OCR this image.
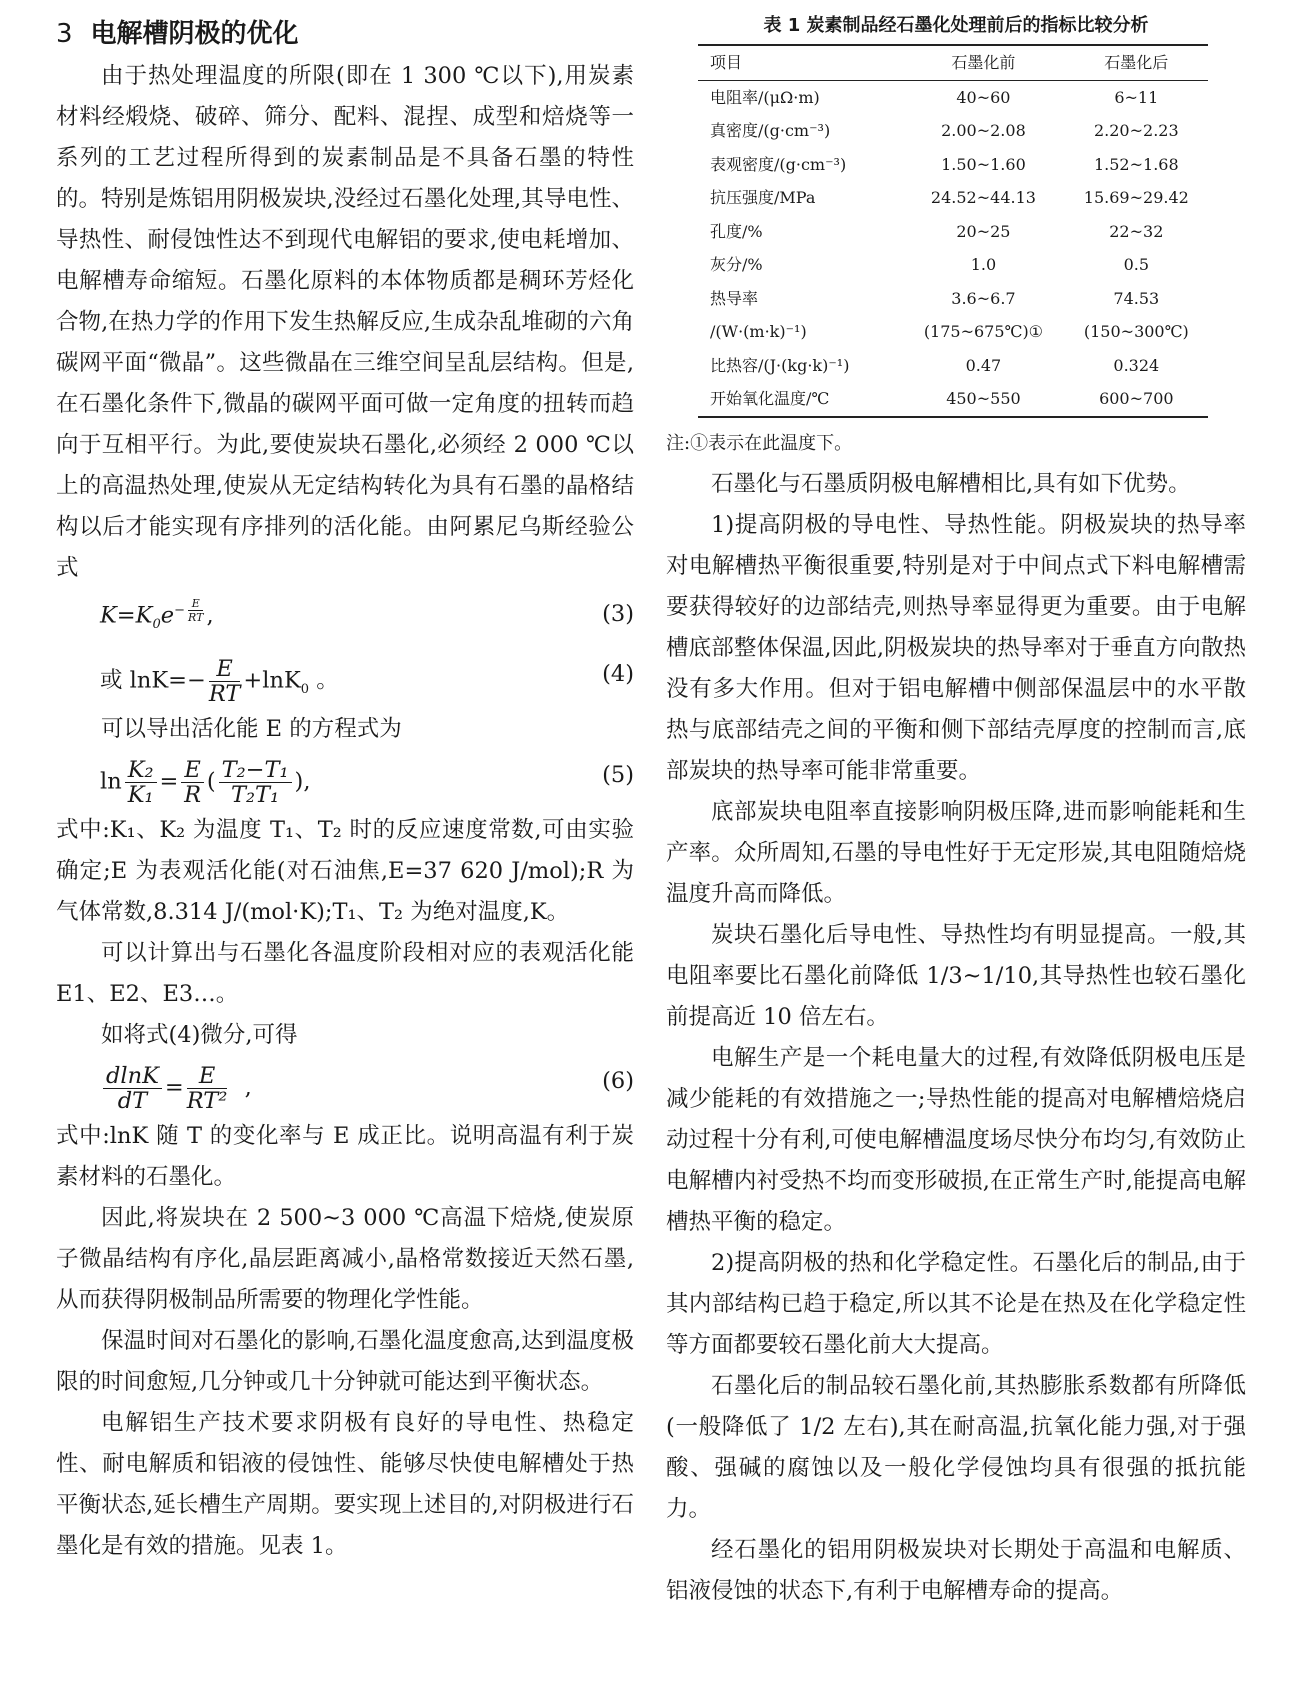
3 电解槽阴极的优化

由于热处理温度的所限(即在 1 300 ℃以下),用炭素材料经煅烧、破碎、筛分、配料、混捏、成型和焙烧等一系列的工艺过程所得到的炭素制品是不具备石墨的特性的。特别是炼铝用阴极炭块,没经过石墨化处理,其导电性、导热性、耐侵蚀性达不到现代电解铝的要求,使电耗增加、电解槽寿命缩短。石墨化原料的本体物质都是稠环芳烃化合物,在热力学的作用下发生热解反应,生成杂乱堆砌的六角碳网平面“微晶”。这些微晶在三维空间呈乱层结构。但是,在石墨化条件下,微晶的碳网平面可做一定角度的扭转而趋向于互相平行。为此,要使炭块石墨化,必须经 2 000 ℃以上的高温热处理,使炭从无定结构转化为具有石墨的晶格结构以后才能实现有序排列的活化能。由阿累尼乌斯经验公式

$K=K_0e^{- \frac{E}{RT}}$ ,	(3)
或 $\ln K=- \frac{E}{RT} +\ln K_0$ 。	(4)

可以导出活化能 E 的方程式为

$\ln \frac{\text{K₂}}{\text{K₁}} = \frac{E}{R}$ ( $\frac{\text{T₂−T₁}}{\text{T₂T₁}}$ ),	(5)

式中:K₁、K₂ 为温度 T₁、T₂ 时的反应速度常数,可由实验确定;E 为表观活化能(对石油焦,E=37 620 J/mol);R 为气体常数,8.314 J/(mol·K);T₁、T₂ 为绝对温度,K。

可以计算出与石墨化各温度阶段相对应的表观活化能 E1、E2、E3…。

如将式(4)微分,可得

$\frac{dlnK}{dT} = \frac{E}{\text{RT²}}$ ,	(6)

式中:lnK 随 T 的变化率与 E 成正比。说明高温有利于炭素材料的石墨化。

因此,将炭块在 2 500~3 000 ℃高温下焙烧,使炭原子微晶结构有序化,晶层距离减小,晶格常数接近天然石墨,从而获得阴极制品所需要的物理化学性能。

保温时间对石墨化的影响,石墨化温度愈高,达到温度极限的时间愈短,几分钟或几十分钟就可能达到平衡状态。

电解铝生产技术要求阴极有良好的导电性、热稳定性、耐电解质和铝液的侵蚀性、能够尽快使电解槽处于热平衡状态,延长槽生产周期。要实现上述目的,对阴极进行石墨化是有效的措施。见表 1。

表 1 炭素制品经石墨化处理前后的指标比较分析
项目	石墨化前	石墨化后
电阻率/(μΩ·m)	40~60	6~11
真密度/(g·cm⁻³)	2.00~2.08	2.20~2.23
表观密度/(g·cm⁻³)	1.50~1.60	1.52~1.68
抗压强度/MPa	24.52~44.13	15.69~29.42
孔度/%	20~25	22~32
灰分/%	1.0	0.5
热导率	3.6~6.7	74.53
/(W·(m·k)⁻¹)	(175~675℃)①	(150~300℃)
比热容/(J·(kg·k)⁻¹)	0.47	0.324
开始氧化温度/℃	450~550	600~700
注:①表示在此温度下。

石墨化与石墨质阴极电解槽相比,具有如下优势。

1)提高阴极的导电性、导热性能。阴极炭块的热导率对电解槽热平衡很重要,特别是对于中间点式下料电解槽需要获得较好的边部结壳,则热导率显得更为重要。由于电解槽底部整体保温,因此,阴极炭块的热导率对于垂直方向散热没有多大作用。但对于铝电解槽中侧部保温层中的水平散热与底部结壳之间的平衡和侧下部结壳厚度的控制而言,底部炭块的热导率可能非常重要。

底部炭块电阻率直接影响阴极压降,进而影响能耗和生产率。众所周知,石墨的导电性好于无定形炭,其电阻随焙烧温度升高而降低。

炭块石墨化后导电性、导热性均有明显提高。一般,其电阻率要比石墨化前降低 1/3~1/10,其导热性也较石墨化前提高近 10 倍左右。

电解生产是一个耗电量大的过程,有效降低阴极电压是减少能耗的有效措施之一;导热性能的提高对电解槽焙烧启动过程十分有利,可使电解槽温度场尽快分布均匀,有效防止电解槽内衬受热不均而变形破损,在正常生产时,能提高电解槽热平衡的稳定。

2)提高阴极的热和化学稳定性。石墨化后的制品,由于其内部结构已趋于稳定,所以其不论是在热及在化学稳定性等方面都要较石墨化前大大提高。

石墨化后的制品较石墨化前,其热膨胀系数都有所降低(一般降低了 1/2 左右),其在耐高温,抗氧化能力强,对于强酸、强碱的腐蚀以及一般化学侵蚀均具有很强的抵抗能力。

经石墨化的铝用阴极炭块对长期处于高温和电解质、铝液侵蚀的状态下,有利于电解槽寿命的提高。
